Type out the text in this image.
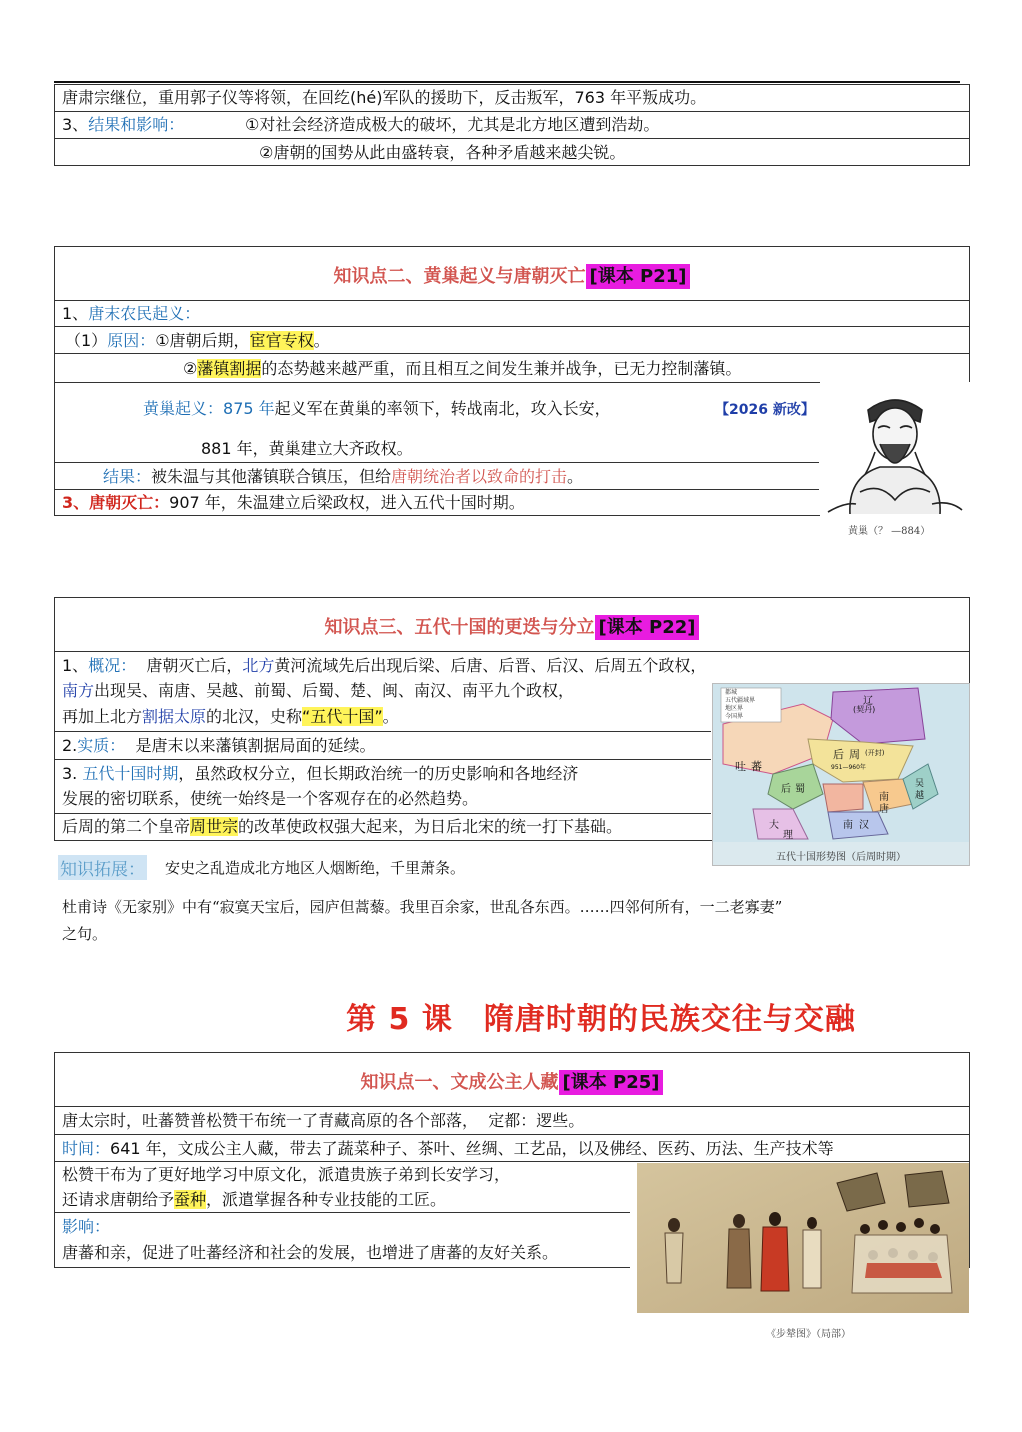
唐肃宗继位，重用郭子仪等将领，在回纥(hé)军队的援助下，反击叛军，763 年平叛成功。
3、结果和影响：	①对社会经济造成极大的破坏，尤其是北方地区遭到浩劫。
②唐朝的国势从此由盛转衰，各种矛盾越来越尖锐。
知识点二、黄巢起义与唐朝灭亡 [课本 P21]
1、唐末农民起义：
（1）原因：①唐朝后期，宦官专权。
②藩镇割据的态势越来越严重，而且相互之间发生兼并战争，已无力控制藩镇。
黄巢起义：875 年起义军在黄巢的率领下，转战南北，攻入长安，	【2026 新改】
881 年，黄巢建立大齐政权。
结果：被朱温与其他藩镇联合镇压，但给唐朝统治者以致命的打击。
3、唐朝灭亡：907 年，朱温建立后梁政权，进入五代十国时期。
黄巢（？ —884）
知识点三、五代十国的更迭与分立 [课本 P22]
1、概况： 唐朝灭亡后，北方黄河流域先后出现后梁、后唐、后晋、后汉、后周五个政权，
南方出现吴、南唐、吴越、前蜀、后蜀、楚、闽、南汉、南平九个政权，
再加上北方割据太原的北汉，史称“五代十国”。
2.实质： 是唐末以来藩镇割据局面的延续。
3. 五代十国时期，虽然政权分立，但长期政治统一的历史影响和各地经济
发展的密切联系，使统一始终是一个客观存在的必然趋势。
后周的第二个皇帝周世宗的改革使政权强大起来，为日后北宋的统一打下基础。
都城
五代疆域界
地区界
今国界
辽
(契丹)
后 周 (开封)
951—960年
吐 蕃
后 蜀
南
唐
吴
越
南 汉
大
理
五代十国形势图（后周时期）
知识拓展： 安史之乱造成北方地区人烟断绝，千里萧条。
杜甫诗《无家别》中有“寂寞天宝后，园庐但蒿藜。我里百余家，世乱各东西。……四邻何所有，一二老寡妻”
之句。
第 5 课　隋唐时朝的民族交往与交融
知识点一、文成公主人藏 [课本 P25]
唐太宗时，吐蕃赞普松赞干布统一了青藏高原的各个部落， 定都：逻些。
时间：641 年，文成公主人藏，带去了蔬菜种子、茶叶、丝绸、工艺品，以及佛经、医药、历法、生产技术等
松赞干布为了更好地学习中原文化，派遣贵族子弟到长安学习，
还请求唐朝给予蚕种，派遣掌握各种专业技能的工匠。
影响：
唐蕃和亲，促进了吐蕃经济和社会的发展，也增进了唐蕃的友好关系。
《步辇图》（局部）
